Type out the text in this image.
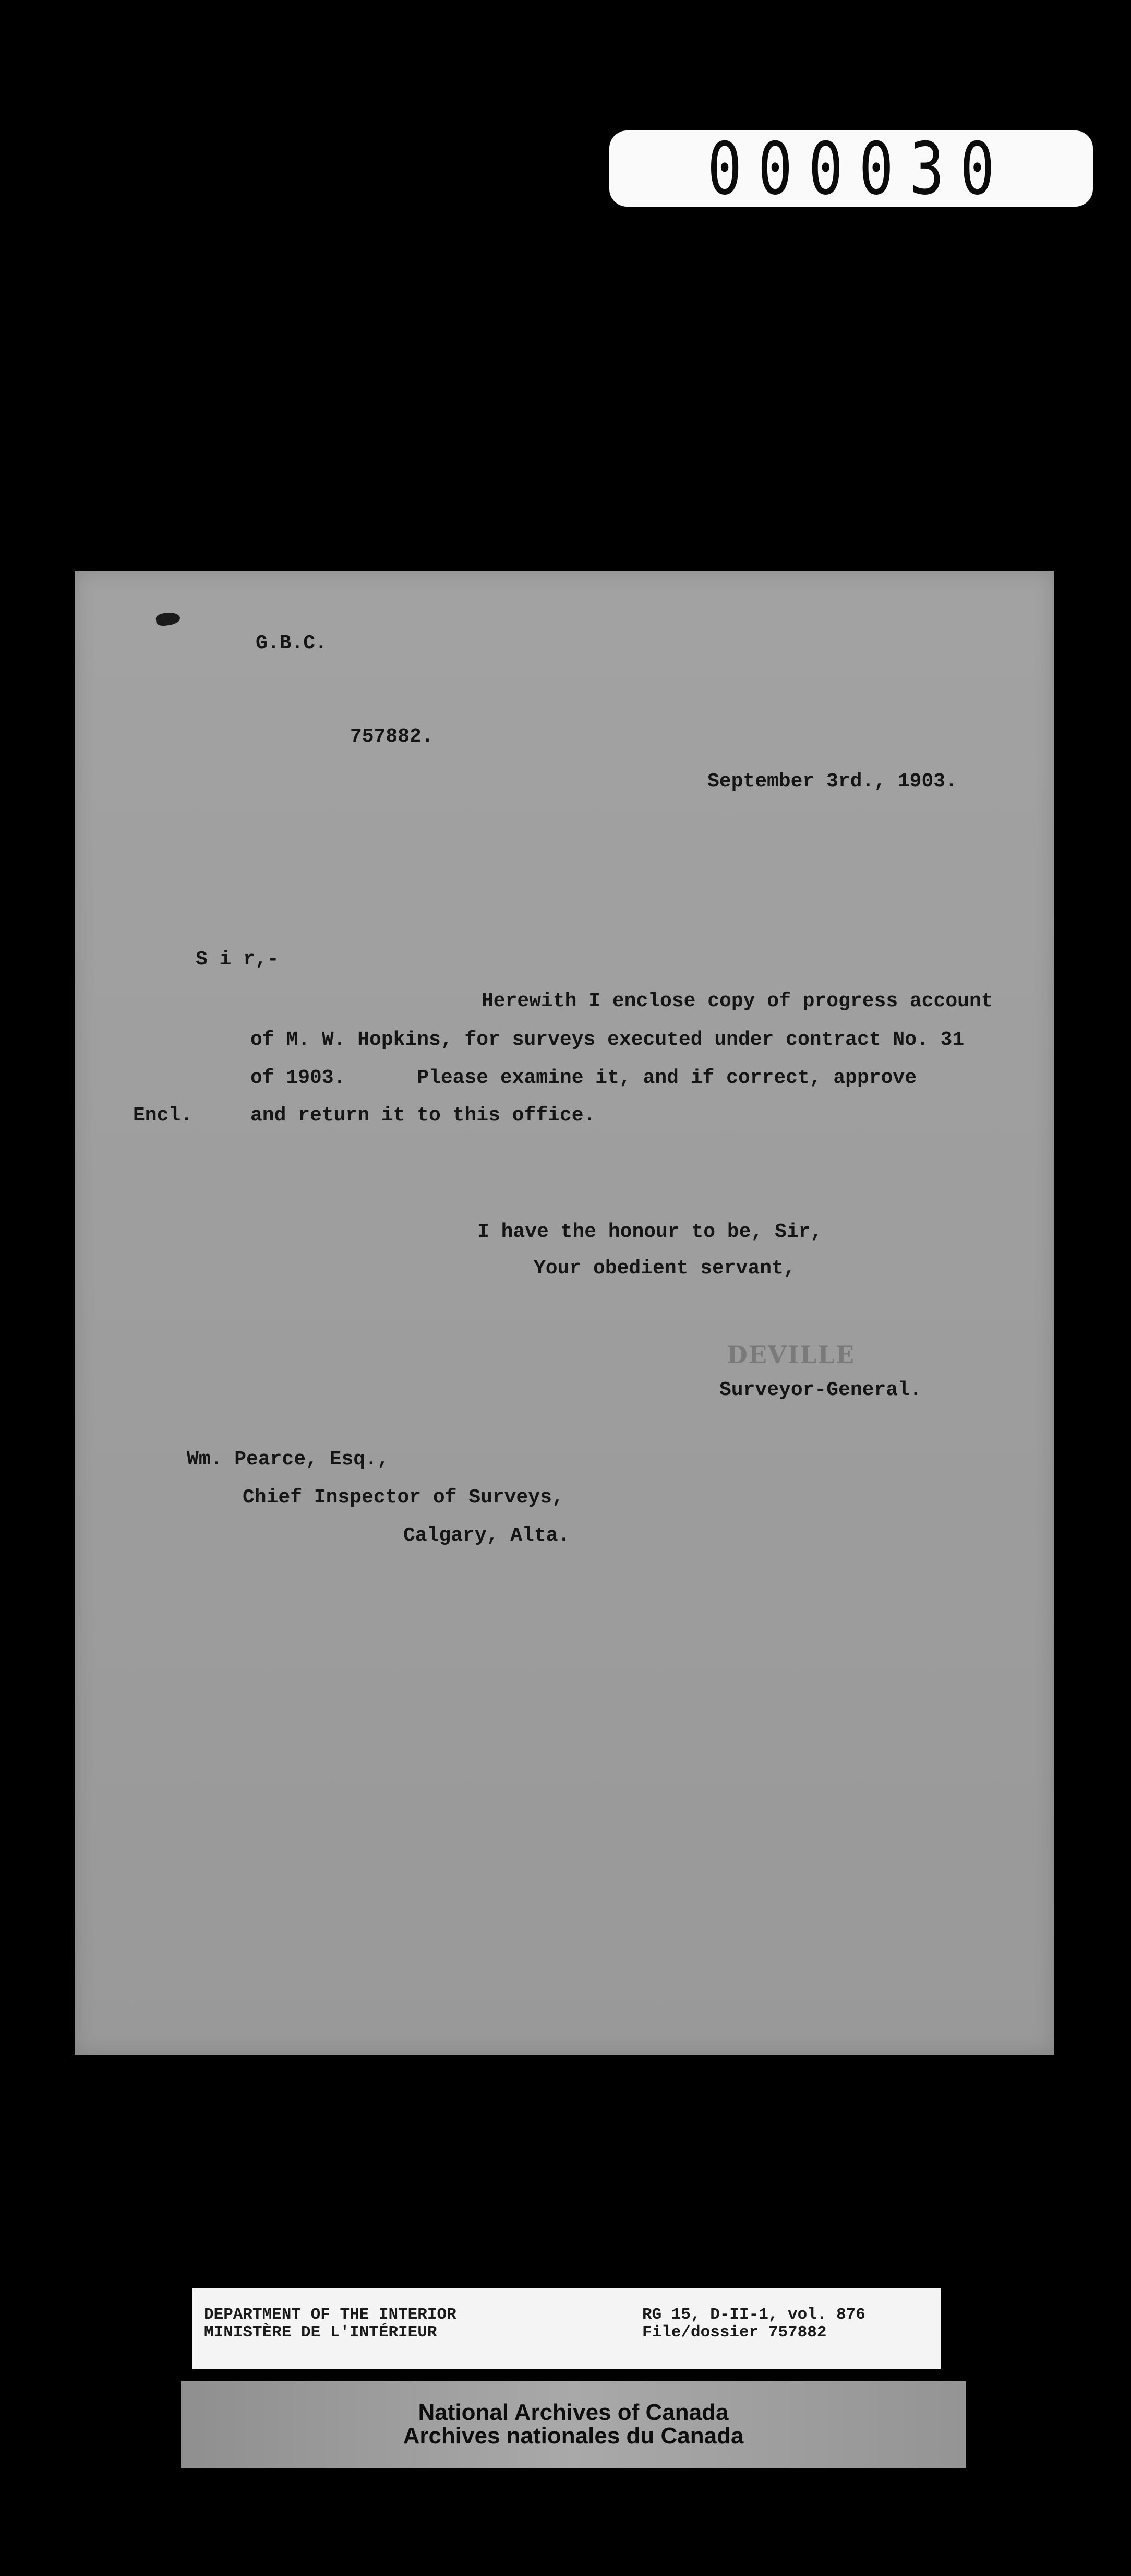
000030
G.B.C.
757882.
September 3rd., 1903.
S i r,-
Herewith I enclose copy of progress account
of M. W. Hopkins, for surveys executed under contract No. 31
of 1903.      Please examine it, and if correct, approve
Encl.	and return it to this office.
I have the honour to be, Sir,
Your obedient servant,
DEVILLE
Surveyor-General.
Wm. Pearce, Esq.,
Chief Inspector of Surveys,
Calgary, Alta.
DEPARTMENT OF THE INTERIOR
MINISTÈRE DE L'INTÉRIEUR
RG 15, D-II-1, vol. 876
File/dossier 757882
National Archives of Canada
Archives nationales du Canada
